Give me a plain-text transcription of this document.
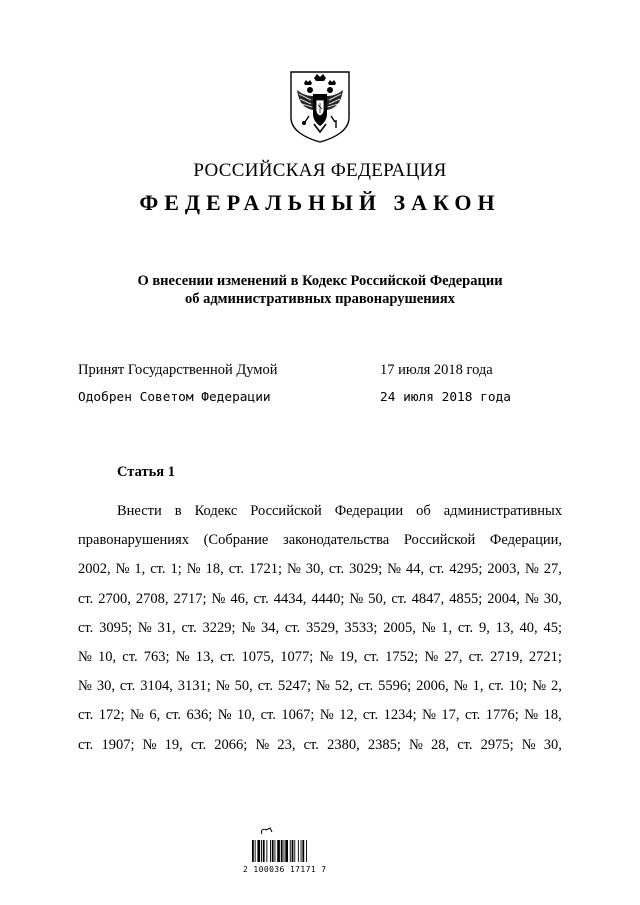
РОССИЙСКАЯ ФЕДЕРАЦИЯ
ФЕДЕРАЛЬНЫЙ ЗАКОН
О внесении изменений в Кодекс Российской Федерации
об административных правонарушениях
Принят Государственной Думой	17 июля 2018 года
Одобрен Советом Федерации	24 июля 2018 года
Статья 1
Внести в Кодекс Российской Федерации об административных
правонарушениях (Собрание законодательства Российской Федерации,
2002, № 1, ст. 1; № 18, ст. 1721; № 30, ст. 3029; № 44, ст. 4295; 2003, № 27,
ст. 2700, 2708, 2717; № 46, ст. 4434, 4440; № 50, ст. 4847, 4855; 2004, № 30,
ст. 3095; № 31, ст. 3229; № 34, ст. 3529, 3533; 2005, № 1, ст. 9, 13, 40, 45;
№ 10, ст. 763; № 13, ст. 1075, 1077; № 19, ст. 1752; № 27, ст. 2719, 2721;
№ 30, ст. 3104, 3131; № 50, ст. 5247; № 52, ст. 5596; 2006, № 1, ст. 10; № 2,
ст. 172; № 6, ст. 636; № 10, ст. 1067; № 12, ст. 1234; № 17, ст. 1776; № 18,
ст. 1907; № 19, ст. 2066; № 23, ст. 2380, 2385; № 28, ст. 2975; № 30,
2 100036 17171 7
